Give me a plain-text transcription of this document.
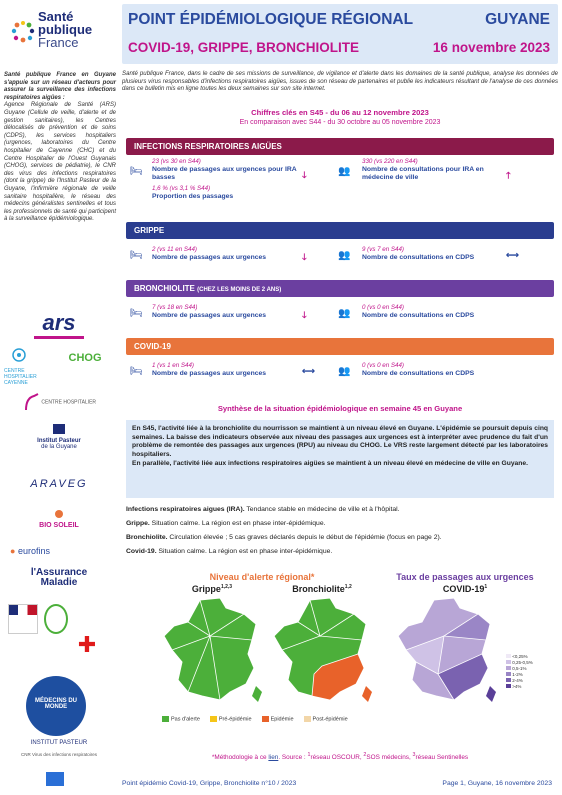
Santé
publique
France
Santé publique France en Guyane s'appuie sur un réseau d'acteurs pour assurer la surveillance des infections respiratoires aigües :
Agence Régionale de Santé (ARS) Guyane (Cellule de veille, d'alerte et de gestion sanitaires), les Centres délocalisés de prévention et de soins (CDPS), les services hospitaliers (urgences, laboratoires du Centre hospitalier de Cayenne (CHC) et du Centre Hospitalier de l'Ouest Guyanais (CHOG), services de pédiatrie), le CNR des virus des infections respiratoires (dont la grippe) de l'Institut Pasteur de la Guyane, l'infirmière régionale de veille sanitaire hospitalière, le réseau des médecins généralistes sentinelles et tous les professionnels de santé qui participent à la surveillance épidémiologique.
ars
CENTRE HOSPITALIER CAYENNE
CHOG
CENTRE HOSPITALIER
Institut Pasteur
de la Guyane
ARAVEG
BIO SOLEIL
● eurofins
l'Assurance
Maladie
✚
MÉDECINS DU MONDE
INSTITUT PASTEUR
CNR Virus des infections respiratoires
POINT ÉPIDÉMIOLOGIQUE RÉGIONAL	GUYANE
COVID-19, GRIPPE, BRONCHIOLITE	16 novembre 2023
Santé publique France, dans le cadre de ses missions de surveillance, de vigilance et d'alerte dans les domaines de la santé publique, analyse les données de plusieurs virus responsables d'infections respiratoires aigües, issues de son réseau de partenaires et publie les indicateurs résultant de l'analyse de ces données dans ce bulletin mis en ligne toutes les deux semaines sur son site internet.
Chiffres clés en S45 - du 06 au 12 novembre 2023
En comparaison avec S44 - du 30 octobre au 05 novembre 2023
INFECTIONS RESPIRATOIRES AIGÜES
🛏
23 (vs 30 en S44)
Nombre de passages aux urgences pour IRA basses
1,6 % (vs 3,1 % S44)
Proportion des passages
🡓	👥
330 (vs 220 en S44)
Nombre de consultations pour IRA en médecine de ville	🡑
GRIPPE
🛏
2 (vs 11 en S44)
Nombre de passages aux urgences	🡓	👥
9 (vs 7 en S44)
Nombre de consultations en CDPS	⟷
BRONCHIOLITE (CHEZ LES MOINS DE 2 ANS)
🛏
7 (vs 18 en S44)
Nombre de passages aux urgences	🡓	👥
0 (vs 0 en S44)
Nombre de consultations en CDPS
COVID-19
🛏
1 (vs 1 en S44)
Nombre de passages aux urgences	⟷ 👥
0 (vs 0 en S44)
Nombre de consultations en CDPS
Synthèse de la situation épidémiologique en semaine 45 en Guyane

En S45, l'activité liée à la bronchiolite du nourrisson se maintient à un niveau élevé en Guyane. L'épidémie se poursuit depuis cinq semaines. La baisse des indicateurs observée aux niveau des passages aux urgences est à interpréter avec prudence du fait d'un problème de remontée des passages aux urgences (RPU) au niveau du CHOG. Le VRS reste largement détecté par les laboratoires hospitaliers.

En parallèle, l'activité liée aux infections respiratoires aigües se maintient à un niveau élevé en médecine de ville en Guyane.

Infections respiratoires aigues (IRA). Tendance stable en médecine de ville et à l'hôpital.
Grippe. Situation calme. La région est en phase inter-épidémique.
Bronchiolite. Circulation élevée ; 5 cas graves déclarés depuis le début de l'épidémie (focus en page 2).
Covid-19. Situation calme. La région est en phase inter-épidémique.
Niveau d'alerte régional*
Grippe$^{1,2,3}$	Bronchiolite$^{1,2}$
Taux de passages aux urgences
COVID-$19^1$
<0,25%
0,25-0,5%
0,5-1%
1-2%
2-4%
>4%
Pas d'alerte	Pré-épidémie	Epidémie	Post-épidémie
*Méthodologie à ce lien. Source : $^1$réseau OSCOUR, $^2$SOS médecins, $^3$réseau Sentinelles
Point épidémio Covid-19, Grippe, Bronchiolite n°10 / 2023	Page 1, Guyane, 16 novembre 2023
